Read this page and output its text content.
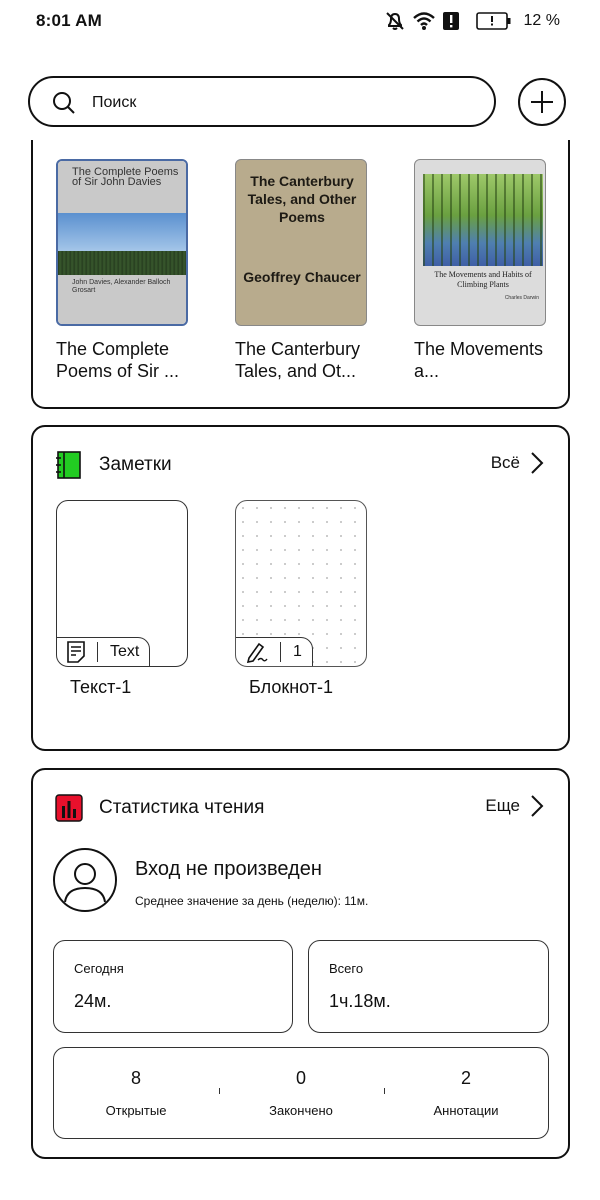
8:01 AM	12 %
Поиск
The Complete Poems of Sir John Davies
John Davies, Alexander Balloch Grosart
The Complete Poems of Sir ...
The Canterbury Tales, and Other Poems
Geoffrey Chaucer
The Canterbury Tales, and Ot...
The Movements and Habits of Climbing Plants
Charles Darwin
The Movements a...
Заметки	Всё
Text
Текст-1
1
Блокнот-1
Статистика чтения	Еще
Вход не произведен
Среднее значение за день (неделю): 11м.
Сегодня
24м.
Всего
1ч.18м.
8
Открытые
0
Закончено
2
Аннотации
